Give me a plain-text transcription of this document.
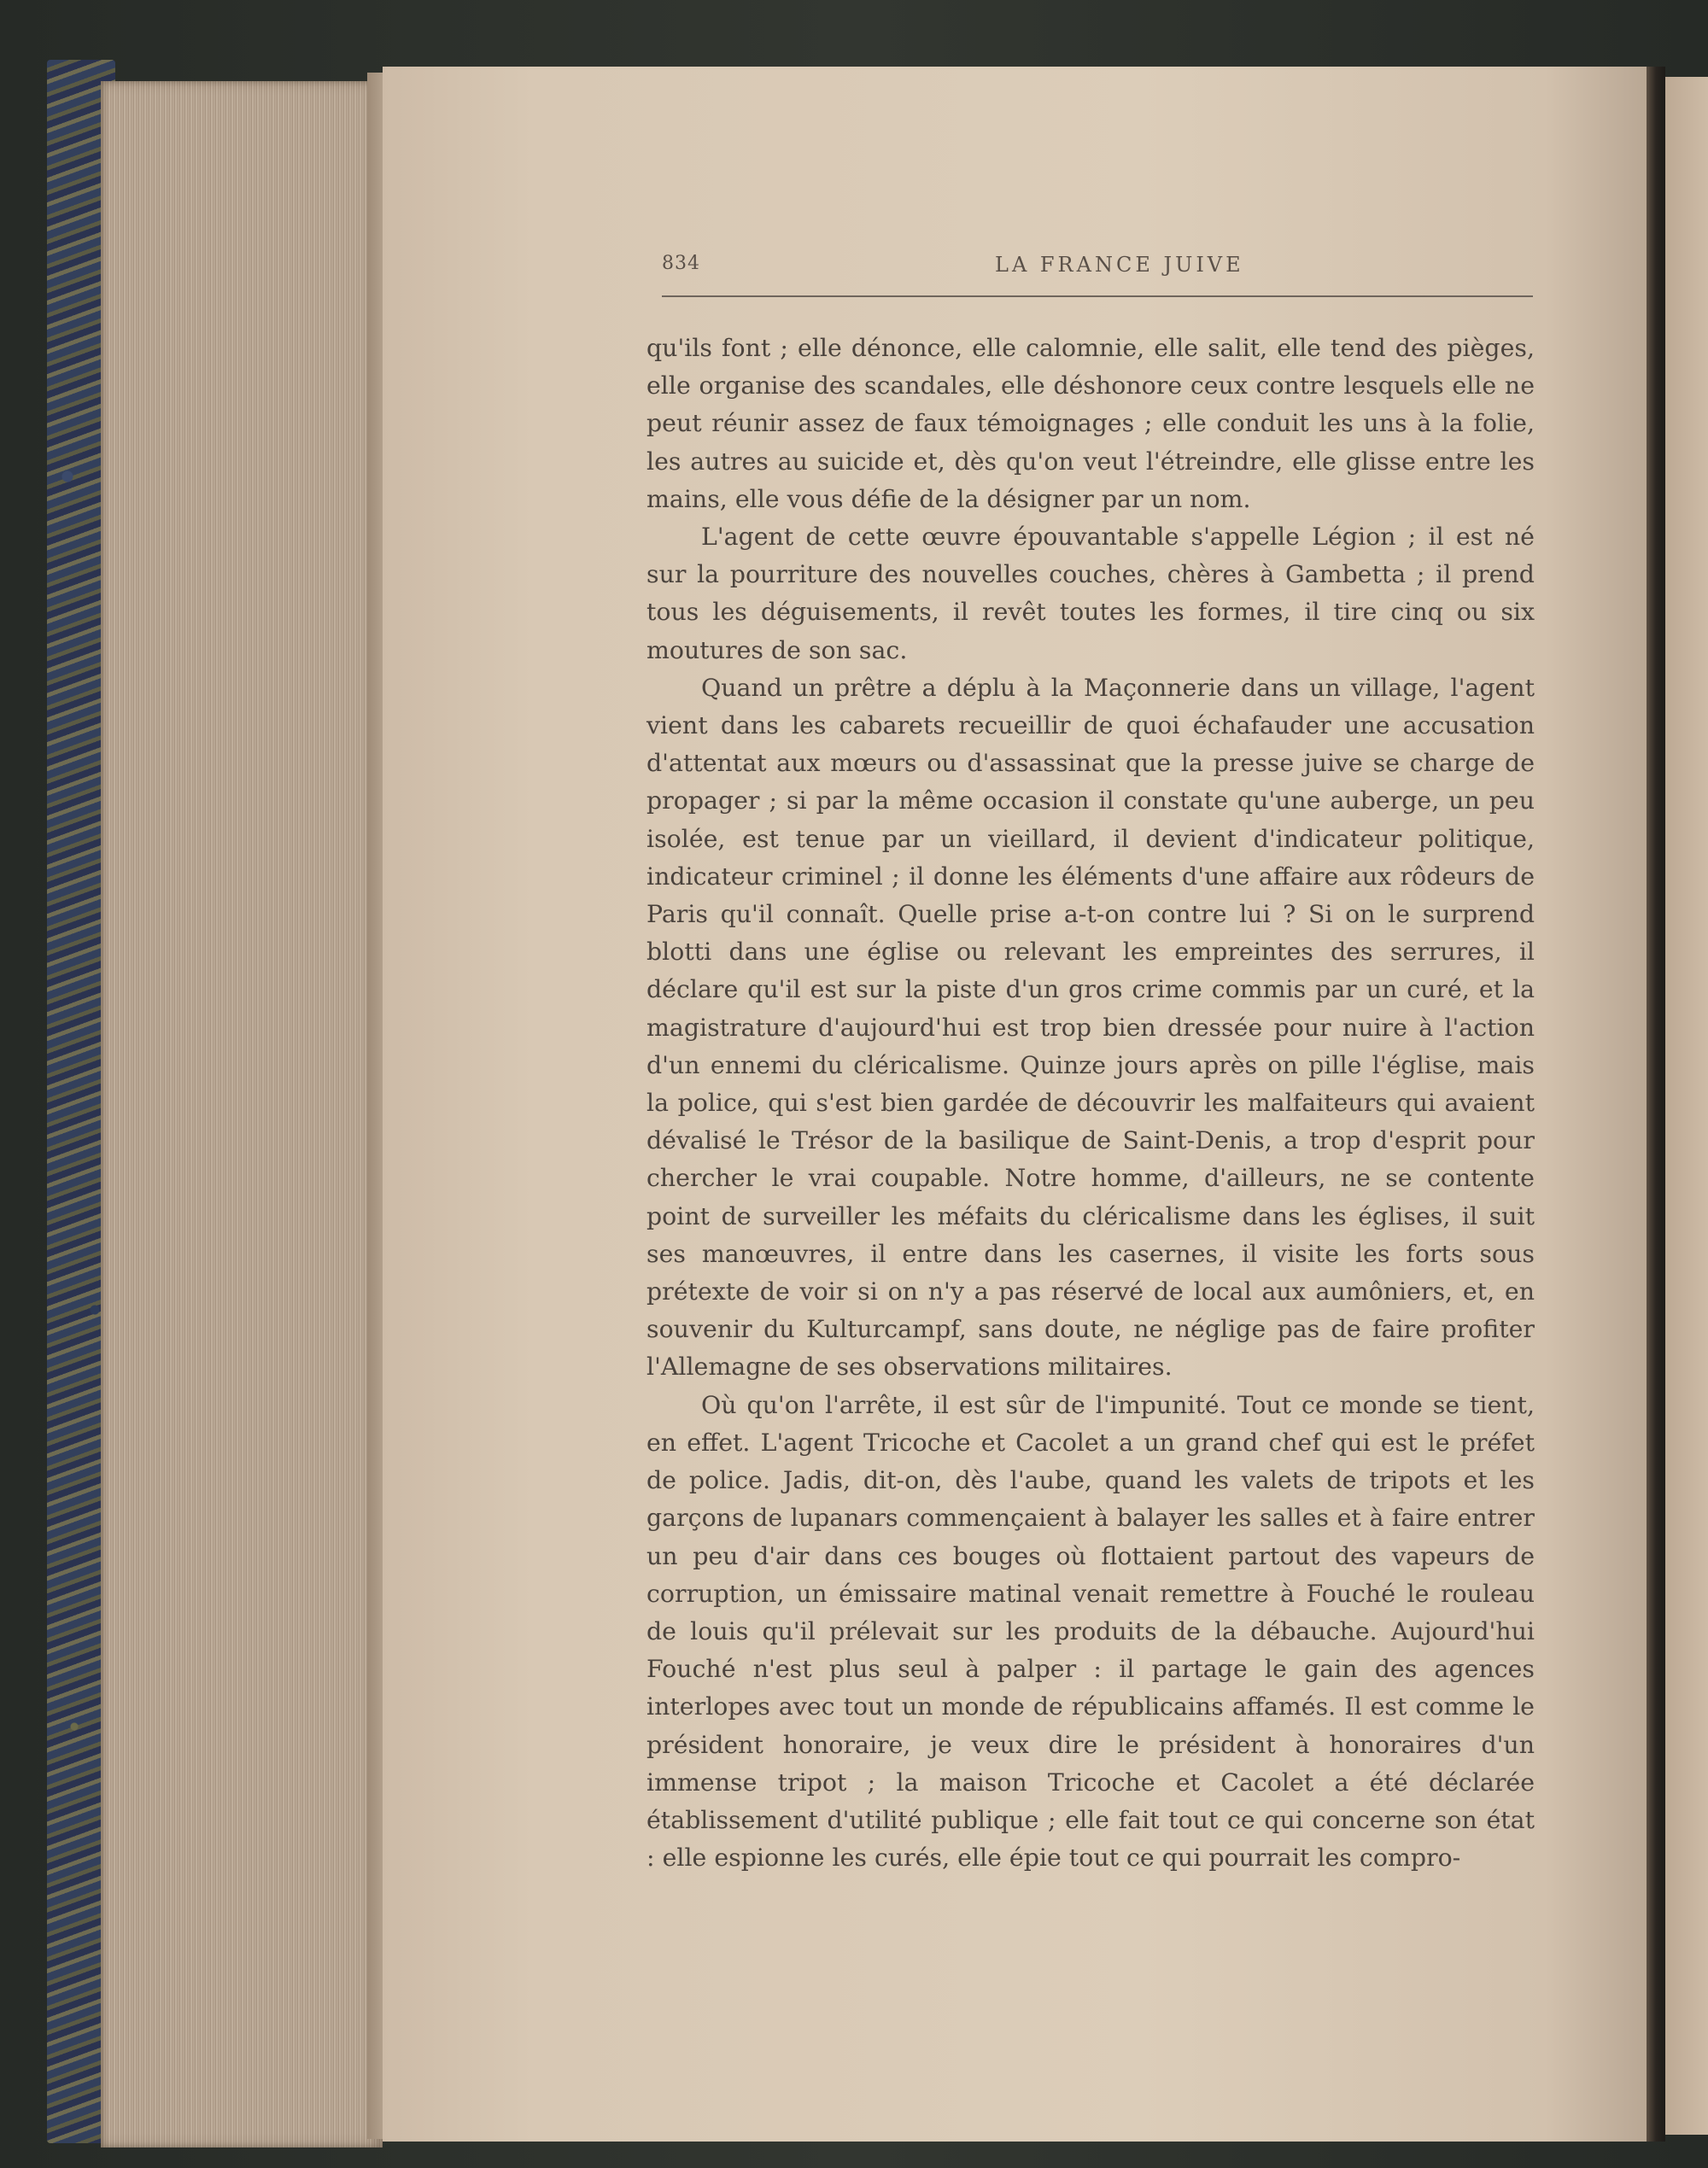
834	LA FRANCE JUIVE

qu'ils font ; elle dénonce, elle calomnie, elle salit, elle tend des pièges, elle organise des scandales, elle déshonore ceux contre lesquels elle ne peut réunir assez de faux témoignages ; elle conduit les uns à la folie, les autres au suicide et, dès qu'on veut l'étreindre, elle glisse entre les mains, elle vous défie de la désigner par un nom.

L'agent de cette œuvre épouvantable s'appelle Légion ; il est né sur la pourriture des nouvelles couches, chères à Gambetta ; il prend tous les déguisements, il revêt toutes les formes, il tire cinq ou six moutures de son sac.

Quand un prêtre a déplu à la Maçonnerie dans un village, l'agent vient dans les cabarets recueillir de quoi échafauder une accusation d'attentat aux mœurs ou d'assassinat que la presse juive se charge de propager ; si par la même occasion il constate qu'une auberge, un peu isolée, est tenue par un vieillard, il devient d'indicateur politique, indicateur criminel ; il donne les éléments d'une affaire aux rôdeurs de Paris qu'il connaît. Quelle prise a-t-on contre lui ? Si on le surprend blotti dans une église ou relevant les empreintes des serrures, il déclare qu'il est sur la piste d'un gros crime commis par un curé, et la magistrature d'aujourd'hui est trop bien dressée pour nuire à l'action d'un ennemi du cléricalisme. Quinze jours après on pille l'église, mais la police, qui s'est bien gardée de découvrir les malfaiteurs qui avaient dévalisé le Trésor de la basilique de Saint-Denis, a trop d'esprit pour chercher le vrai coupable. Notre homme, d'ailleurs, ne se contente point de surveiller les méfaits du cléricalisme dans les églises, il suit ses manœuvres, il entre dans les casernes, il visite les forts sous prétexte de voir si on n'y a pas réservé de local aux aumôniers, et, en souvenir du Kulturcampf, sans doute, ne néglige pas de faire profiter l'Allemagne de ses observations militaires.

Où qu'on l'arrête, il est sûr de l'impunité. Tout ce monde se tient, en effet. L'agent Tricoche et Cacolet a un grand chef qui est le préfet de police. Jadis, dit-on, dès l'aube, quand les valets de tripots et les garçons de lupanars commençaient à balayer les salles et à faire entrer un peu d'air dans ces bouges où flottaient partout des vapeurs de corruption, un émissaire matinal venait remettre à Fouché le rouleau de louis qu'il prélevait sur les produits de la débauche. Aujourd'hui Fouché n'est plus seul à palper : il partage le gain des agences interlopes avec tout un monde de républicains affamés. Il est comme le président honoraire, je veux dire le président à honoraires d'un immense tripot ; la maison Tricoche et Cacolet a été déclarée établissement d'utilité publique ; elle fait tout ce qui concerne son état : elle espionne les curés, elle épie tout ce qui pourrait les compro-
